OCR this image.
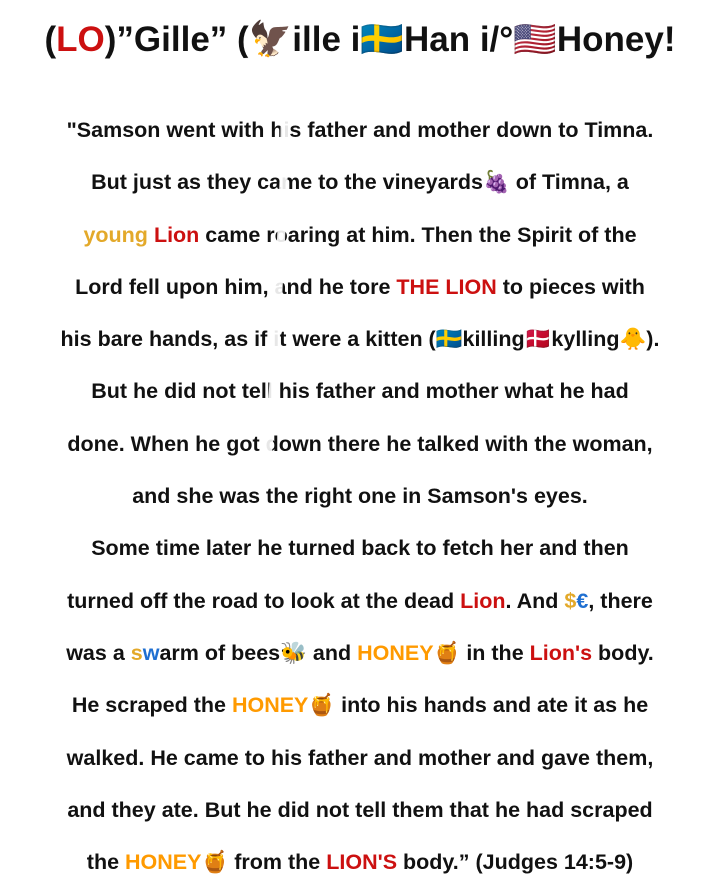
(LO)”Gille” (🦅ille i🇸🇪Han i/°🇺🇸Honey!
"Samson went with his father and mother down to Timna.
But just as they came to the vineyards🍇 of Timna, a
young Lion came roaring at him. Then the Spirit of the
Lord fell upon him, and he tore THE LION to pieces with
his bare hands, as if it were a kitten (🇸🇪killing🇩🇰kylling🐥).
But he did not tell his father and mother what he had
done. When he got down there he talked with the woman,
and she was the right one in Samson's eyes.
Some time later he turned back to fetch her and then
turned off the road to look at the dead Lion. And $€, there
was a swarm of bees🐝 and HONEY🍯 in the Lion's body.
He scraped the HONEY🍯 into his hands and ate it as he
walked. He came to his father and mother and gave them,
and they ate. But he did not tell them that he had scraped
the HONEY🍯 from the LION'S body.” (Judges 14:5-9)
